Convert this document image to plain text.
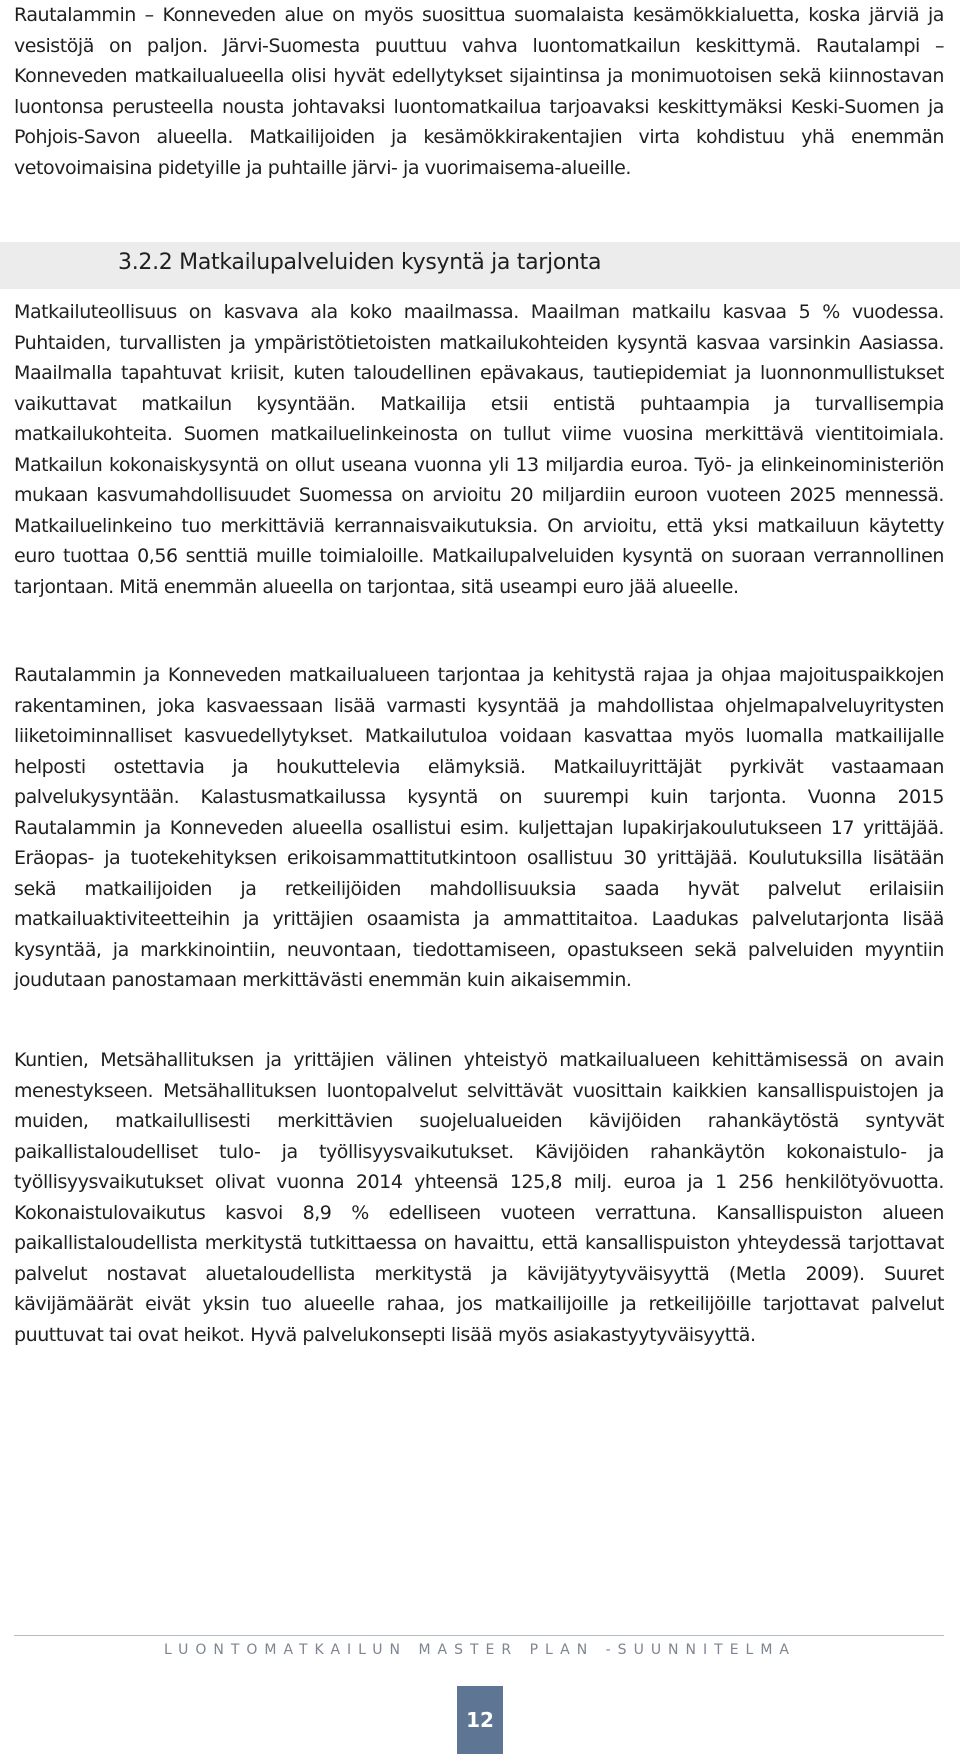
Rautalammin – Konneveden alue on myös suosittua suomalaista kesämökkialuetta, koska järviä ja vesistöjä on paljon. Järvi-Suomesta puuttuu vahva luontomatkailun keskittymä. Rautalampi – Konneveden matkailualueella olisi hyvät edellytykset sijaintinsa ja monimuotoisen sekä kiinnostavan luontonsa perusteella nousta johtavaksi luontomatkailua tarjoavaksi keskittymäksi Keski-Suomen ja Pohjois-Savon alueella. Matkailijoiden ja kesämökkirakentajien virta kohdistuu yhä enemmän vetovoimaisina pidetyille ja puhtaille järvi- ja vuorimaisema-alueille.

3.2.2 Matkailupalveluiden kysyntä ja tarjonta

Matkailuteollisuus on kasvava ala koko maailmassa. Maailman matkailu kasvaa 5 % vuodessa. Puhtaiden, turvallisten ja ympäristötietoisten matkailukohteiden kysyntä kasvaa varsinkin Aasiassa. Maailmalla tapahtuvat kriisit, kuten taloudellinen epävakaus, tautiepidemiat ja luonnonmullistukset vaikuttavat matkailun kysyntään. Matkailija etsii entistä puhtaampia ja turvallisempia matkailukohteita. Suomen matkailuelinkeinosta on tullut viime vuosina merkittävä vientitoimiala. Matkailun kokonaiskysyntä on ollut useana vuonna yli 13 miljardia euroa. Työ- ja elinkeinoministeriön mukaan kasvumahdollisuudet Suomessa on arvioitu 20 miljardiin euroon vuoteen 2025 mennessä. Matkailuelinkeino tuo merkittäviä kerrannaisvaikutuksia. On arvioitu, että yksi matkailuun käytetty euro tuottaa 0,56 senttiä muille toimialoille. Matkailupalveluiden kysyntä on suoraan verrannollinen tarjontaan. Mitä enemmän alueella on tarjontaa, sitä useampi euro jää alueelle.

Rautalammin ja Konneveden matkailualueen tarjontaa ja kehitystä rajaa ja ohjaa majoituspaikkojen rakentaminen, joka kasvaessaan lisää varmasti kysyntää ja mahdollistaa ohjelmapalveluyritysten liiketoiminnalliset kasvuedellytykset. Matkailutuloa voidaan kasvattaa myös luomalla matkailijalle helposti ostettavia ja houkuttelevia elämyksiä. Matkailuyrittäjät pyrkivät vastaamaan palvelukysyntään. Kalastusmatkailussa kysyntä on suurempi kuin tarjonta. Vuonna 2015 Rautalammin ja Konneveden alueella osallistui esim. kuljettajan lupakirjakoulutukseen 17 yrittäjää. Eräopas- ja tuotekehityksen erikoisammattitutkintoon osallistuu 30 yrittäjää. Koulutuksilla lisätään sekä matkailijoiden ja retkeilijöiden mahdollisuuksia saada hyvät palvelut erilaisiin matkailuaktiviteetteihin ja yrittäjien osaamista ja ammattitaitoa. Laadukas palvelutarjonta lisää kysyntää, ja markkinointiin, neuvontaan, tiedottamiseen, opastukseen sekä palveluiden myyntiin joudutaan panostamaan merkittävästi enemmän kuin aikaisemmin.

Kuntien, Metsähallituksen ja yrittäjien välinen yhteistyö matkailualueen kehittämisessä on avain menestykseen. Metsähallituksen luontopalvelut selvittävät vuosittain kaikkien kansallispuistojen ja muiden, matkailullisesti merkittävien suojelualueiden kävijöiden rahankäytöstä syntyvät paikallistaloudelliset tulo- ja työllisyysvaikutukset. Kävijöiden rahankäytön kokonaistulo- ja työllisyysvaikutukset olivat vuonna 2014 yhteensä 125,8 milj. euroa ja 1 256 henkilötyövuotta. Kokonaistulovaikutus kasvoi 8,9 % edelliseen vuoteen verrattuna. Kansallispuiston alueen paikallistaloudellista merkitystä tutkittaessa on havaittu, että kansallispuiston yhteydessä tarjottavat palvelut nostavat aluetaloudellista merkitystä ja kävijätyytyväisyyttä (Metla 2009). Suuret kävijämäärät eivät yksin tuo alueelle rahaa, jos matkailijoille ja retkeilijöille tarjottavat palvelut puuttuvat tai ovat heikot. Hyvä palvelukonsepti lisää myös asiakastyytyväisyyttä.

LUONTOMATKAILUN MASTER PLAN -SUUNNITELMA
12
